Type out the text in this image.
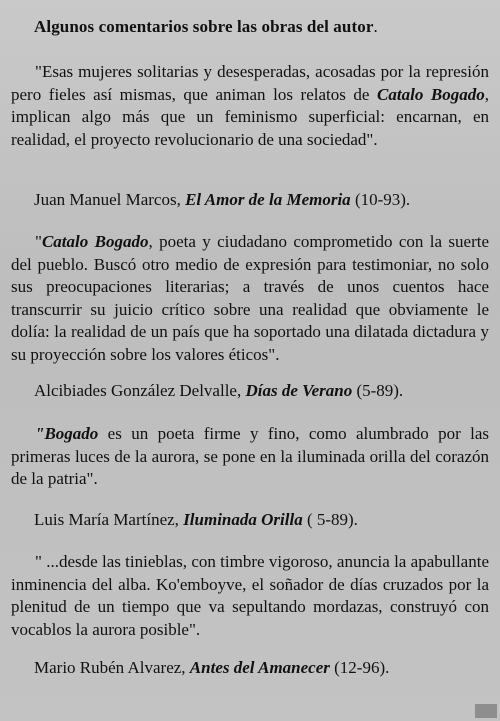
Algunos comentarios sobre las obras del autor.
"Esas mujeres solitarias y desesperadas, acosadas por la represión pero fieles así mismas, que animan los relatos de Catalo Bogado, implican algo más que un feminismo superficial: encarnan, en realidad, el proyecto revolucionario de una sociedad".
Juan Manuel Marcos, El Amor de la Memoria (10-93).
"Catalo Bogado, poeta y ciudadano comprometido con la suerte del pueblo. Buscó otro medio de expresión para testimoniar, no solo sus preocupaciones literarias; a través de unos cuentos hace transcurrir su juicio crítico sobre una realidad que obviamente le dolía: la realidad de un país que ha soportado una dilatada dictadura y su proyección sobre los valores éticos".
Alcibiades González Delvalle, Días de Verano (5-89).
"Bogado es un poeta firme y fino, como alumbrado por las primeras luces de la aurora, se pone en la iluminada orilla del corazón de la patria".
Luis María Martínez, Iluminada Orilla ( 5-89).
" ...desde las tinieblas, con timbre vigoroso, anuncia la apabullante inminencia del alba. Ko'emboyve, el soñador de días cruzados por la plenitud de un tiempo que va sepultando mordazas, construyó con vocablos la aurora posible".
Mario Rubén Alvarez, Antes del Amanecer (12-96).
